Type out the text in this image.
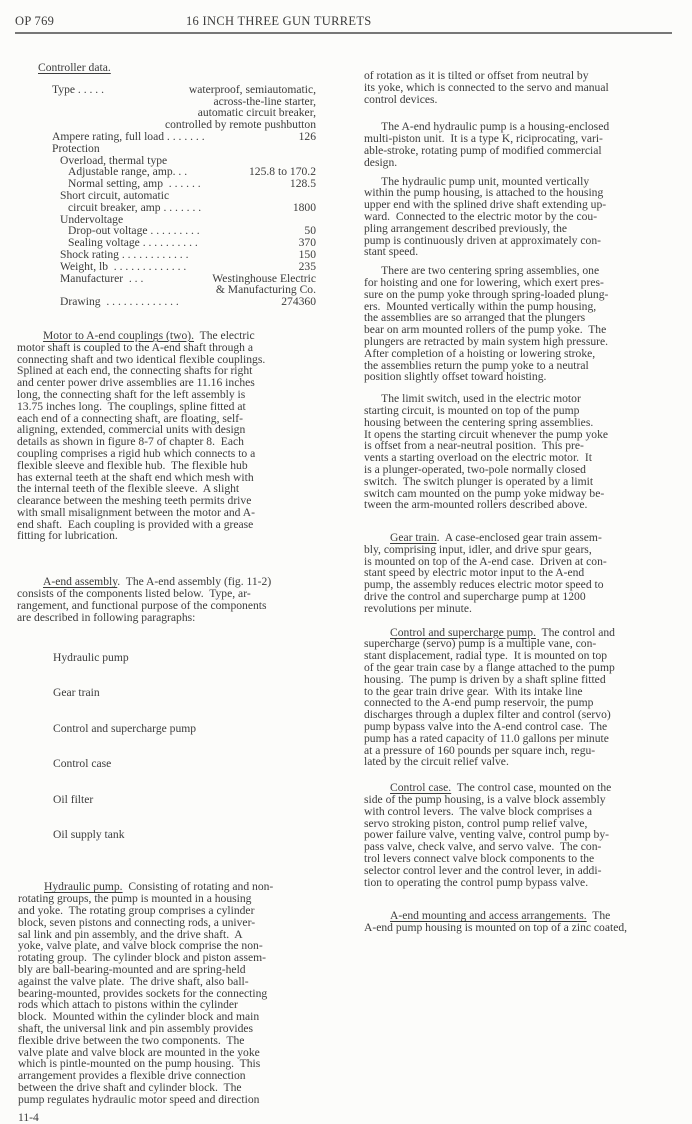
OP 769	16 INCH THREE GUN TURRETS
Controller data.
Type . . . . .	waterproof, semiautomatic,
across-the-line starter,
automatic circuit breaker,
controlled by remote pushbutton
Ampere rating, full load . . . . . . .	126
Protection
Overload, thermal type
Adjustable range, amp. . .	125.8 to 170.2
Normal setting, amp  . . . . . .	128.5
Short circuit, automatic
circuit breaker, amp . . . . . . .	1800
Undervoltage
Drop-out voltage . . . . . . . . .	50
Sealing voltage . . . . . . . . . .	370
Shock rating . . . . . . . . . . . .	150
Weight, lb  . . . . . . . . . . . . .	235
Manufacturer  . . .	Westinghouse Electric
& Manufacturing Co.
Drawing  . . . . . . . . . . . . .	274360
Motor to A-end couplings (two).  The electric
motor shaft is coupled to the A-end shaft through a
connecting shaft and two identical flexible couplings.
Splined at each end, the connecting shafts for right
and center power drive assemblies are 11.16 inches
long, the connecting shaft for the left assembly is
13.75 inches long.  The couplings, spline fitted at
each end of a connecting shaft, are floating, self-
aligning, extended, commercial units with design
details as shown in figure 8-7 of chapter 8.  Each
coupling comprises a rigid hub which connects to a
flexible sleeve and flexible hub.  The flexible hub
has external teeth at the shaft end which mesh with
the internal teeth of the flexible sleeve.  A slight
clearance between the meshing teeth permits drive
with small misalignment between the motor and A-
end shaft.  Each coupling is provided with a grease
fitting for lubrication.
A-end assembly.  The A-end assembly (fig. 11-2)
consists of the components listed below.  Type, ar-
rangement, and functional purpose of the components
are described in following paragraphs:

Hydraulic pump

Gear train

Control and supercharge pump

Control case

Oil filter

Oil supply tank

Hydraulic pump.  Consisting of rotating and non-
rotating groups, the pump is mounted in a housing
and yoke.  The rotating group comprises a cylinder
block, seven pistons and connecting rods, a univer-
sal link and pin assembly, and the drive shaft.  A
yoke, valve plate, and valve block comprise the non-
rotating group.  The cylinder block and piston assem-
bly are ball-bearing-mounted and are spring-held
against the valve plate.  The drive shaft, also ball-
bearing-mounted, provides sockets for the connecting
rods which attach to pistons within the cylinder
block.  Mounted within the cylinder block and main
shaft, the universal link and pin assembly provides
flexible drive between the two components.  The
valve plate and valve block are mounted in the yoke
which is pintle-mounted on the pump housing.  This
arrangement provides a flexible drive connection
between the drive shaft and cylinder block.  The
pump regulates hydraulic motor speed and direction
11-4
of rotation as it is tilted or offset from neutral by
its yoke, which is connected to the servo and manual
control devices.
The A-end hydraulic pump is a housing-enclosed
multi-piston unit.  It is a type K, riciprocating, vari-
able-stroke, rotating pump of modified commercial
design.
The hydraulic pump unit, mounted vertically
within the pump housing, is attached to the housing
upper end with the splined drive shaft extending up-
ward.  Connected to the electric motor by the cou-
pling arrangement described previously, the
pump is continuously driven at approximately con-
stant speed.
There are two centering spring assemblies, one
for hoisting and one for lowering, which exert pres-
sure on the pump yoke through spring-loaded plung-
ers.  Mounted vertically within the pump housing,
the assemblies are so arranged that the plungers
bear on arm mounted rollers of the pump yoke.  The
plungers are retracted by main system high pressure.
After completion of a hoisting or lowering stroke,
the assemblies return the pump yoke to a neutral
position slightly offset toward hoisting.
The limit switch, used in the electric motor
starting circuit, is mounted on top of the pump
housing between the centering spring assemblies.
It opens the starting circuit whenever the pump yoke
is offset from a near-neutral position.  This pre-
vents a starting overload on the electric motor.  It
is a plunger-operated, two-pole normally closed
switch.  The switch plunger is operated by a limit
switch cam mounted on the pump yoke midway be-
tween the arm-mounted rollers described above.
Gear train.  A case-enclosed gear train assem-
bly, comprising input, idler, and drive spur gears,
is mounted on top of the A-end case.  Driven at con-
stant speed by electric motor input to the A-end
pump, the assembly reduces electric motor speed to
drive the control and supercharge pump at 1200
revolutions per minute.
Control and supercharge pump.  The control and
supercharge (servo) pump is a multiple vane, con-
stant displacement, radial type.  It is mounted on top
of the gear train case by a flange attached to the pump
housing.  The pump is driven by a shaft spline fitted
to the gear train drive gear.  With its intake line
connected to the A-end pump reservoir, the pump
discharges through a duplex filter and control (servo)
pump bypass valve into the A-end control case.  The
pump has a rated capacity of 11.0 gallons per minute
at a pressure of 160 pounds per square inch, regu-
lated by the circuit relief valve.
Control case.  The control case, mounted on the
side of the pump housing, is a valve block assembly
with control levers.  The valve block comprises a
servo stroking piston, control pump relief valve,
power failure valve, venting valve, control pump by-
pass valve, check valve, and servo valve.  The con-
trol levers connect valve block components to the
selector control lever and the control lever, in addi-
tion to operating the control pump bypass valve.
A-end mounting and access arrangements.  The
A-end pump housing is mounted on top of a zinc coated,
